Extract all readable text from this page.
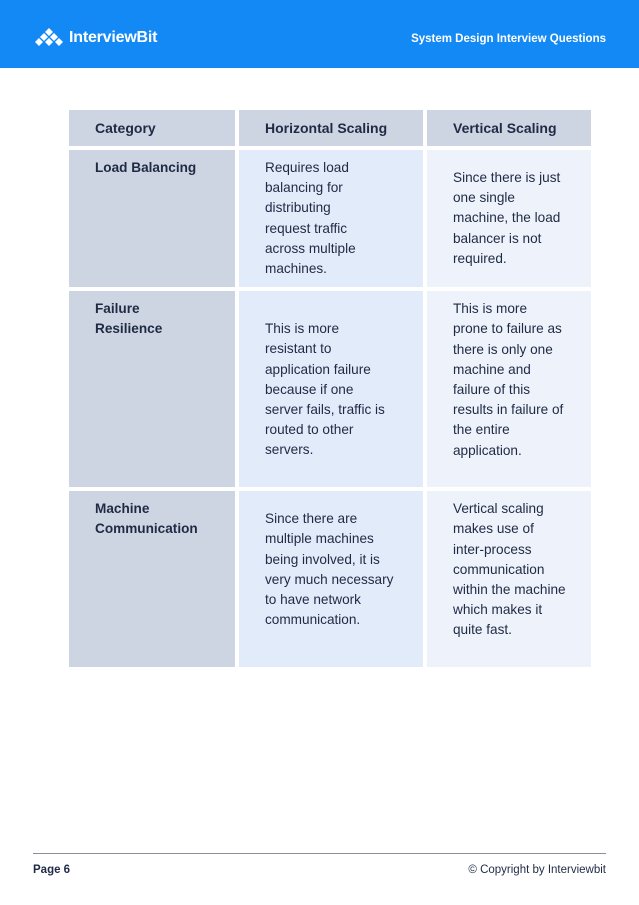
InterviewBit	System Design Interview Questions
Category	Horizontal Scaling	Vertical Scaling

Load Balancing	Requires load balancing for distributing request traffic across multiple machines.	Since there is just one single machine, the load balancer is not required.

Failure Resilience	This is more resistant to application failure because if one server fails, traffic is routed to other servers.	This is more prone to failure as there is only one machine and failure of this results in failure of the entire application.

Machine Communication	Since there are multiple machines being involved, it is very much necessary to have network communication.	Vertical scaling makes use of inter-process communication within the machine which makes it quite fast.
Page 6	© Copyright by Interviewbit
